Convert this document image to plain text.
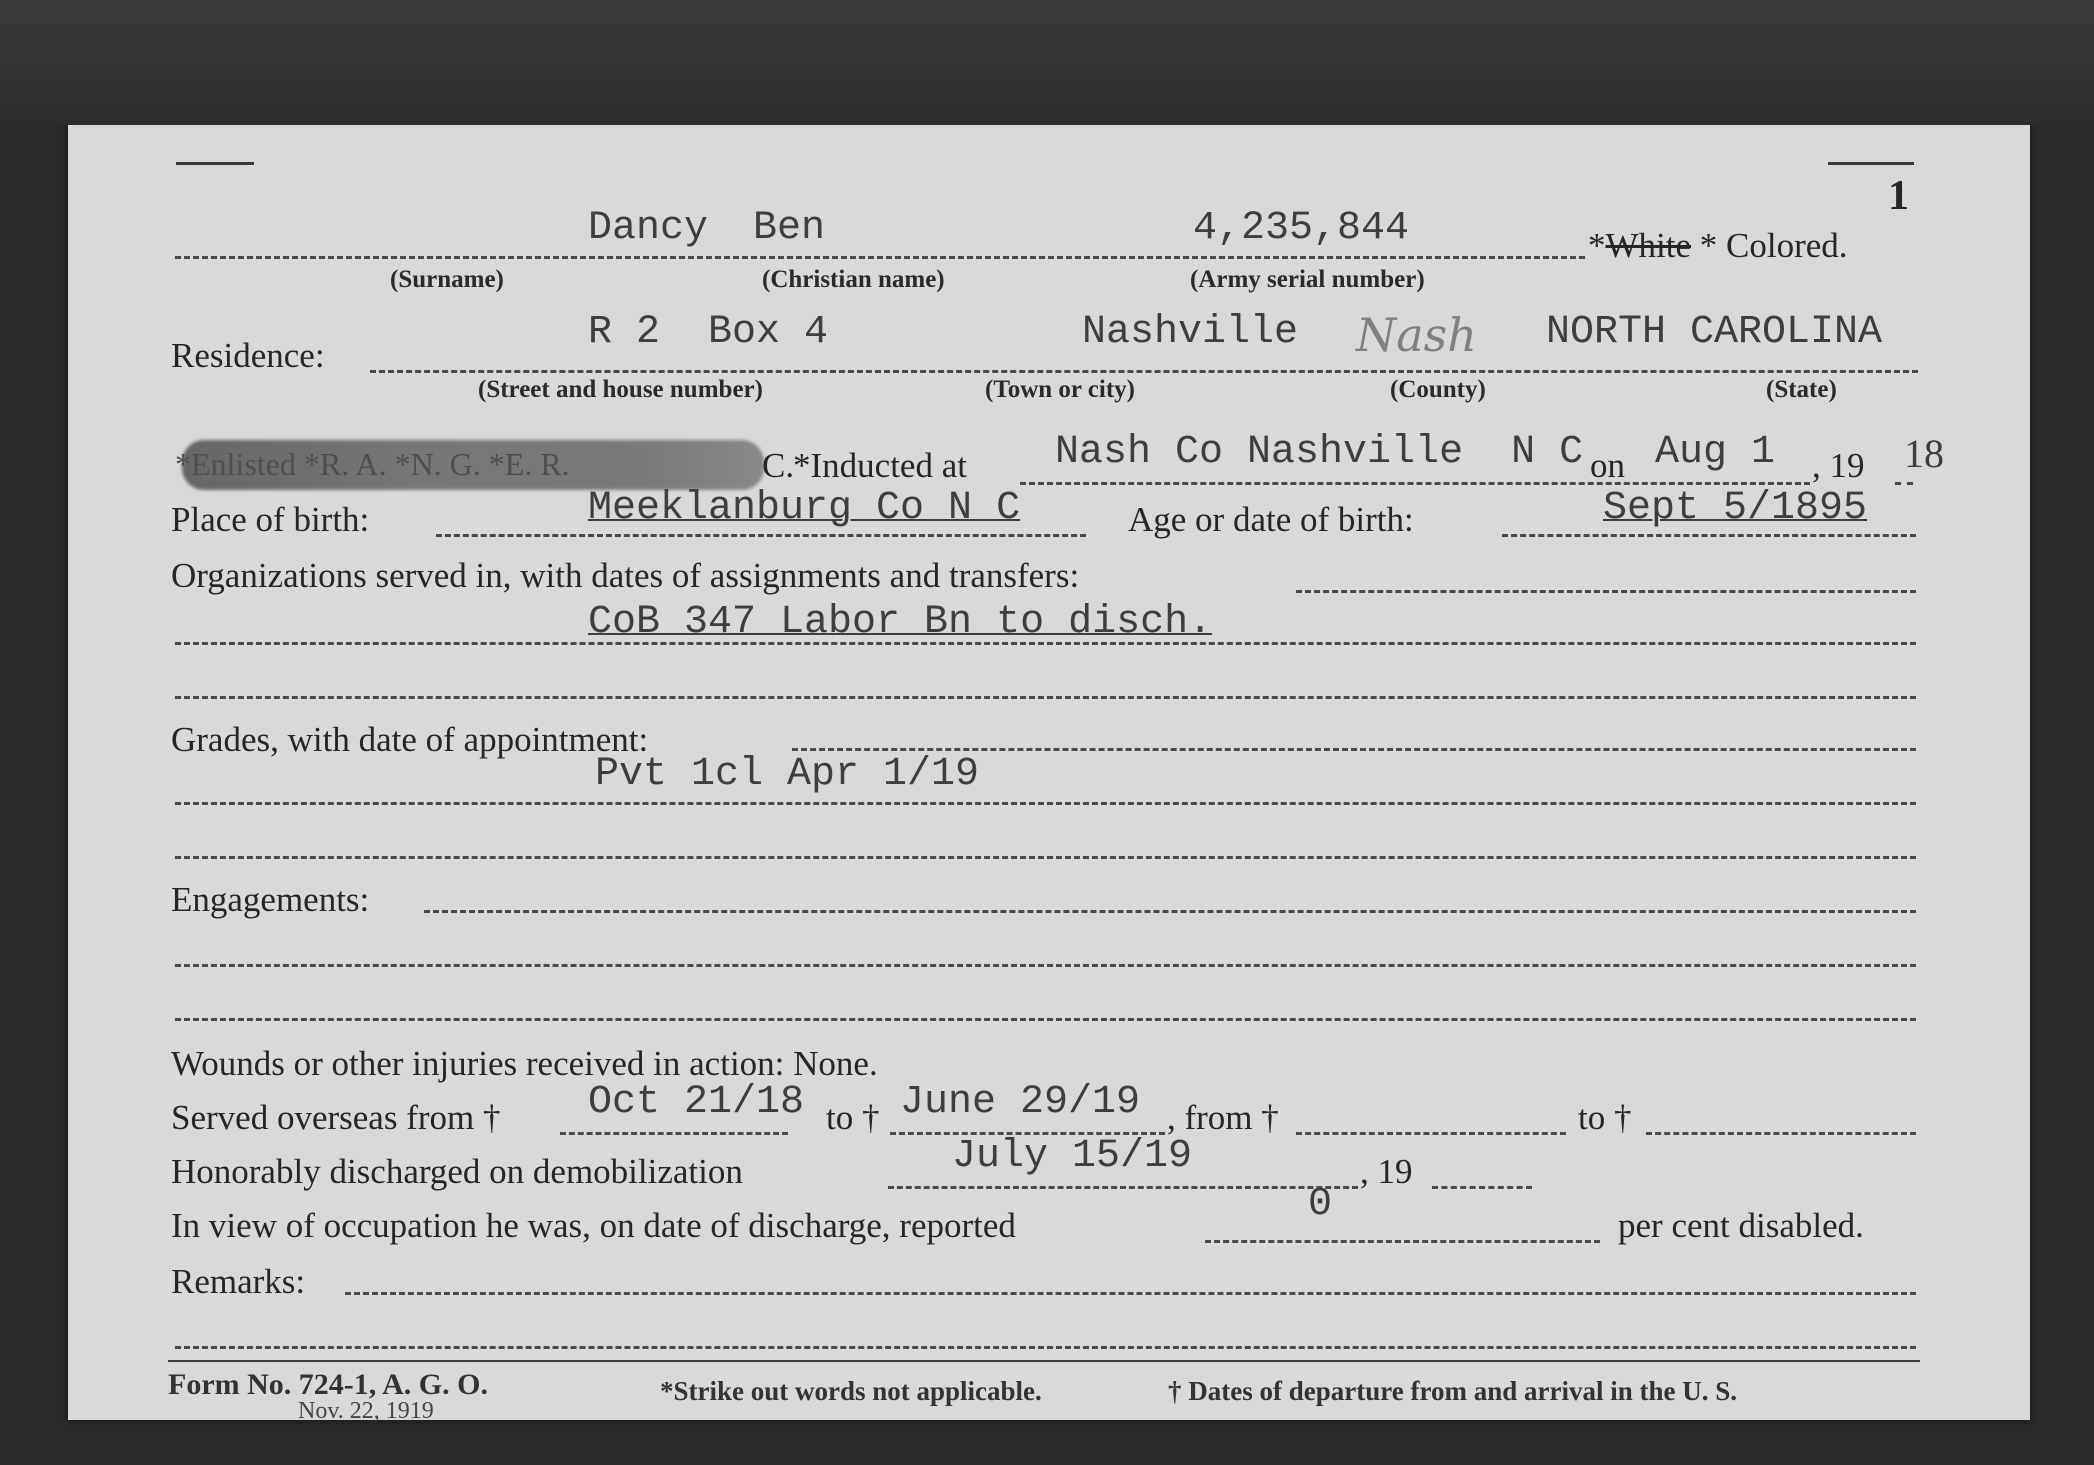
1
Dancy Ben	4,235,844	*White * Colored.
(Surname)	(Christian name)	(Army serial number)
Residence:
R 2  Box 4	Nashville Nash NORTH CAROLINA
(Street and house number)	(Town or city)	(County)	(State)
*Enlisted *R. A. *N. G. *E. R.	C.
*Inducted at Nash Co Nashville  N C on Aug 1 , 19 18
Place of birth:	Meeklanburg Co N C	Age or date of birth:	Sept 5/1895
Organizations served in, with dates of assignments and transfers:
CoB 347 Labor Bn to disch.
Grades, with date of appointment:
Pvt 1cl Apr 1/19
Engagements:
Wounds or other injuries received in action: None.
Served overseas from † Oct 21/18 to † June 29/19 , from †	to †
Honorably discharged on demobilization	July 15/19	, 19
In view of occupation he was, on date of discharge, reported	0	per cent disabled.
Remarks:
Form No. 724-1, A. G. O.
Nov. 22, 1919
*Strike out words not applicable.	† Dates of departure from and arrival in the U. S.
